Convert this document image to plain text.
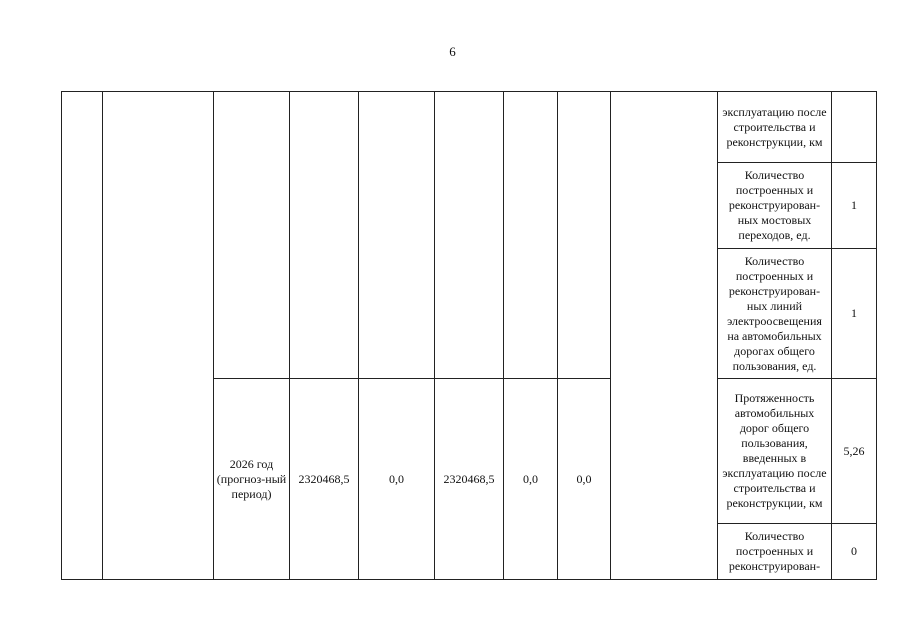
6
									эксплуатацию после строительства и реконструкции, км	
									Количество построенных и реконструирован-ных мостовых переходов, ед.	1
									Количество построенных и реконструирован-ных линий электроосвещения на автомобильных дорогах общего пользования, ед.	1
		2026 год (прогноз-ный период)	2320468,5	0,0	2320468,5	0,0	0,0		Протяженность автомобильных дорог общего пользования, введенных в эксплуатацию после строительства и реконструкции, км	5,26
									Количество построенных и реконструирован-	0
